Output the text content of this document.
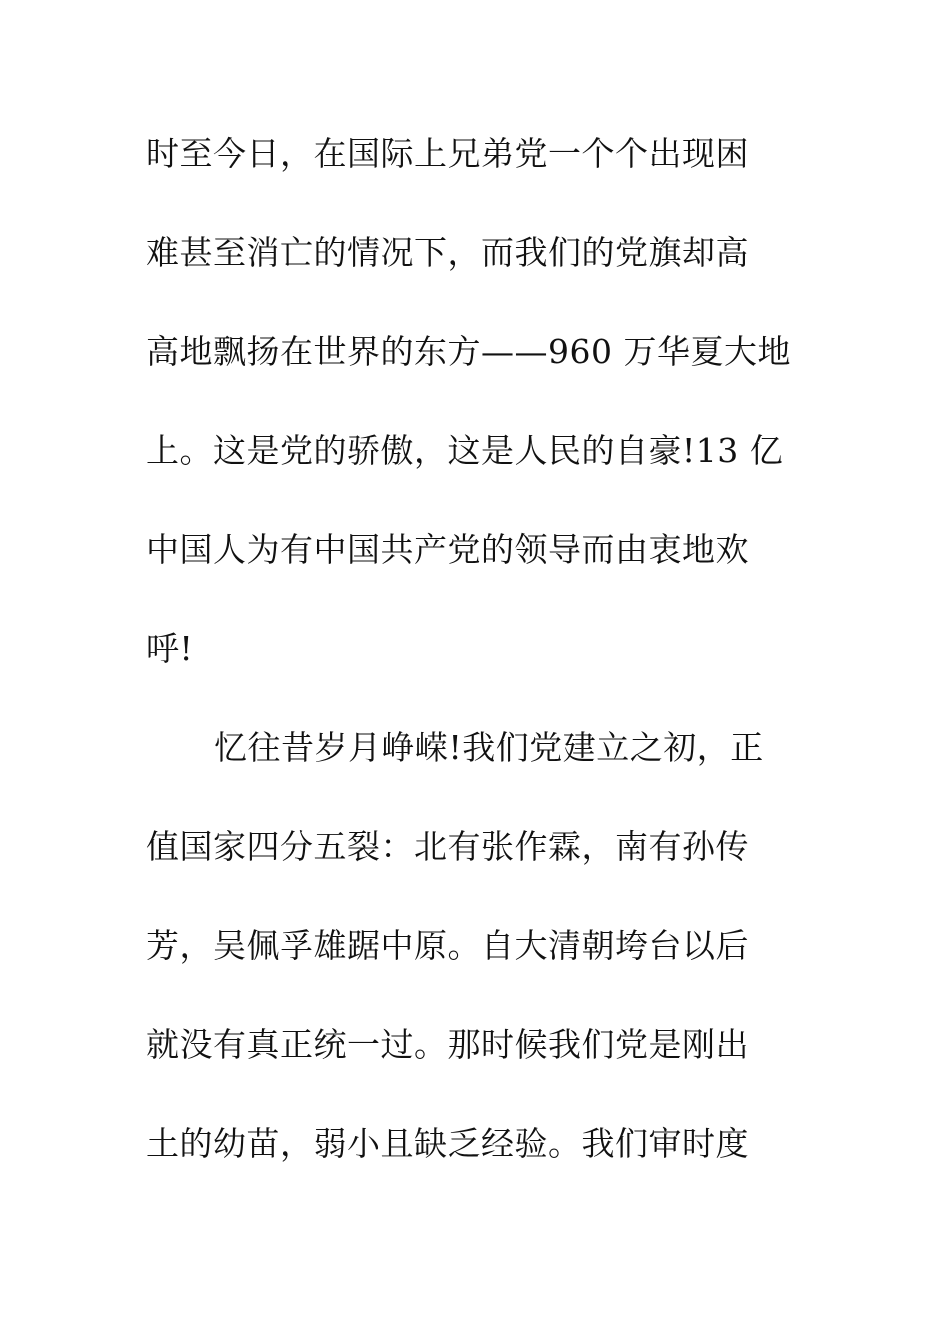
时至今日，在国际上兄弟党一个个出现困
难甚至消亡的情况下，而我们的党旗却高
高地飘扬在世界的东方——960 万华夏大地
上。这是党的骄傲，这是人民的自豪!13 亿
中国人为有中国共产党的领导而由衷地欢
呼!
忆往昔岁月峥嵘!我们党建立之初，正
值国家四分五裂：北有张作霖，南有孙传
芳，吴佩孚雄踞中原。自大清朝垮台以后
就没有真正统一过。那时候我们党是刚出
土的幼苗，弱小且缺乏经验。我们审时度
